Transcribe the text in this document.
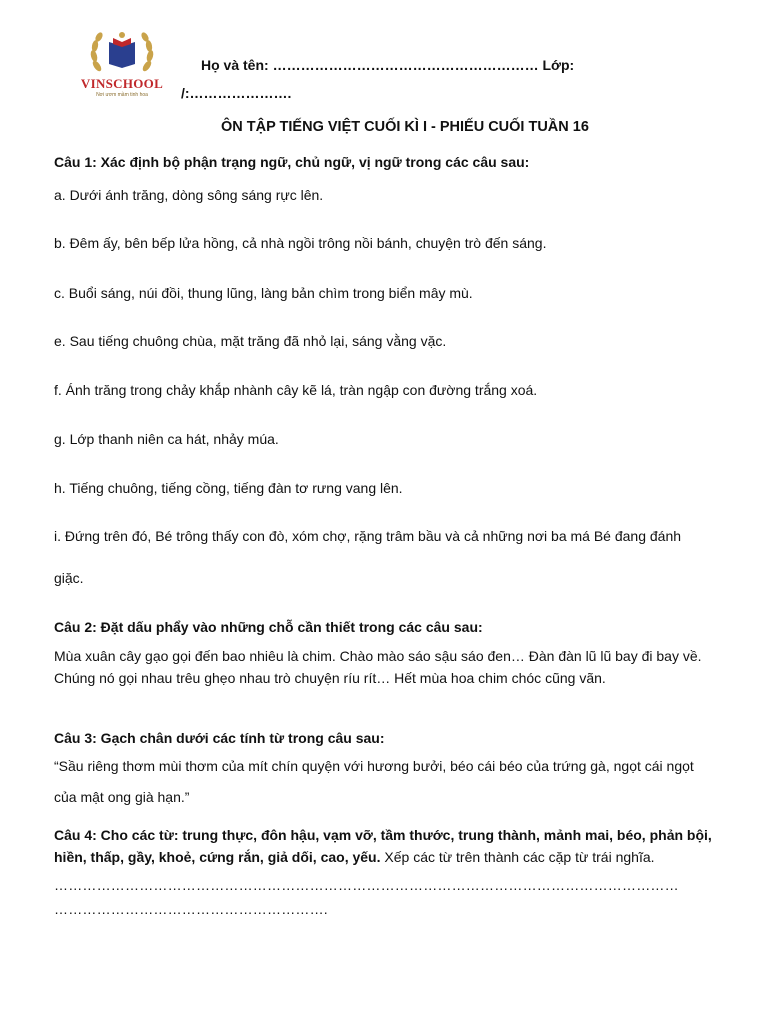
VINSCHOOL
Nơi ươm mầm tinh hoa
Họ và tên: ………………………………………………… Lớp:
/:………………….
ÔN TẬP TIẾNG VIỆT CUỐI KÌ I - PHIẾU CUỐI TUẦN 16
Câu 1: Xác định bộ phận trạng ngữ, chủ ngữ, vị ngữ trong các câu sau:
a. Dưới ánh trăng, dòng sông sáng rực lên.
b. Đêm ấy, bên bếp lửa hồng, cả nhà ngồi trông nồi bánh, chuyện trò đến sáng.
c. Buổi sáng, núi đồi, thung lũng, làng bản chìm trong biển mây mù.
e. Sau tiếng chuông chùa, mặt trăng đã nhỏ lại, sáng vằng vặc.
f. Ánh trăng trong chảy khắp nhành cây kẽ lá, tràn ngập con đường trắng xoá.
g. Lớp thanh niên ca hát, nhảy múa.
h. Tiếng chuông, tiếng cồng, tiếng đàn tơ rưng vang lên.
i. Đứng trên đó, Bé trông thấy con đò, xóm chợ, rặng trâm bầu và cả những nơi ba má Bé đang đánh
giặc.
Câu 2: Đặt dấu phẩy vào những chỗ cần thiết trong các câu sau:
Mùa xuân cây gạo gọi đến bao nhiêu là chim. Chào mào sáo sậu sáo đen… Đàn đàn lũ lũ bay đi bay về.
Chúng nó gọi nhau trêu ghẹo nhau trò chuyện ríu rít… Hết mùa hoa chim chóc cũng vãn.
Câu 3: Gạch chân dưới các tính từ trong câu sau:
“Sầu riêng thơm mùi thơm của mít chín quyện với hương bưởi, béo cái béo của trứng gà, ngọt cái ngọt
của mật ong già hạn.”
Câu 4: Cho các từ: trung thực, đôn hậu, vạm vỡ, tầm thước, trung thành, mảnh mai, béo, phản bội,
hiền, thấp, gầy, khoẻ, cứng rắn, giả dối, cao, yếu. Xếp các từ trên thành các cặp từ trái nghĩa.
……………………………………………………………………………………………………………………
………………………………………………….
